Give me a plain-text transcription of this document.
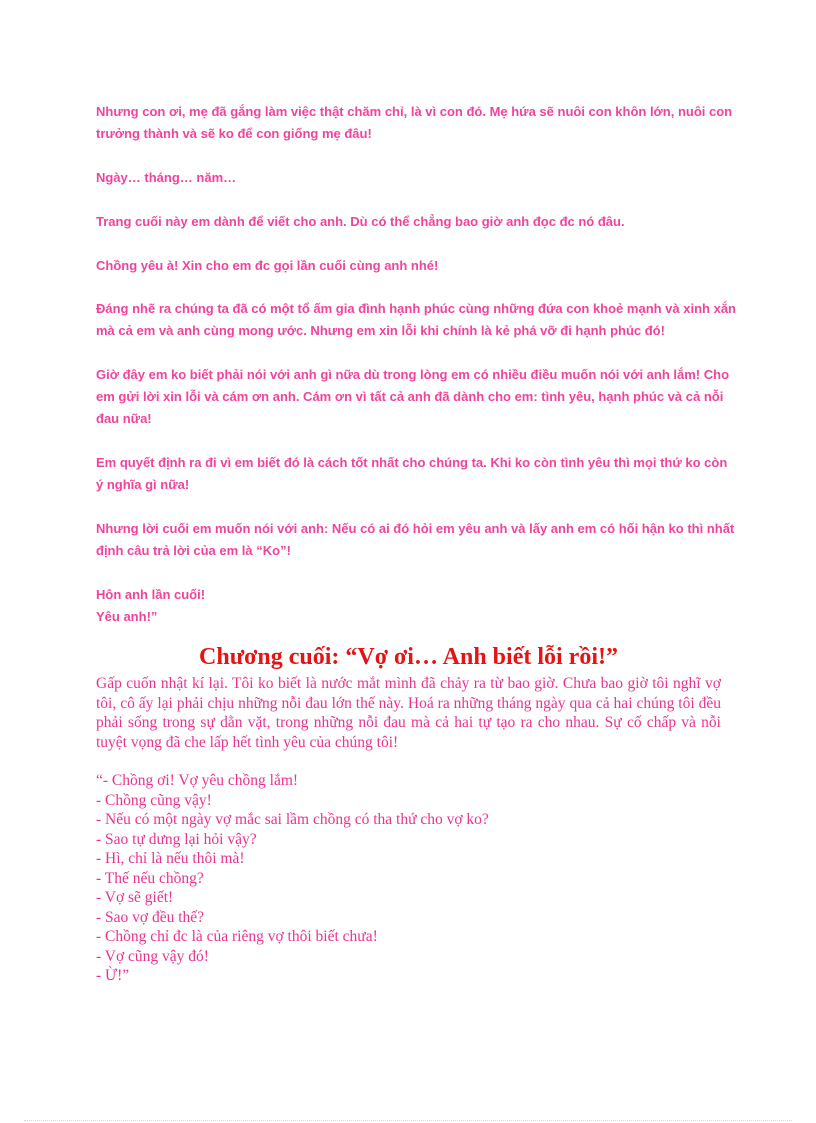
Nhưng con ơi, mẹ đã gắng làm việc thật chăm chỉ, là vì con đó. Mẹ hứa sẽ nuôi con khôn lớn, nuôi con trưởng thành và sẽ ko để con giống mẹ đâu!

Ngày… tháng… năm…

Trang cuối này em dành để viết cho anh. Dù có thể chẳng bao giờ anh đọc đc nó đâu.

Chồng yêu à! Xin cho em đc gọi lần cuối cùng anh nhé!

Đáng nhẽ ra chúng ta đã có một tổ ấm gia đình hạnh phúc cùng những đứa con khoẻ mạnh và xinh xắn mà cả em và anh cùng mong ước. Nhưng em xin lỗi khi chính là kẻ phá vỡ đi hạnh phúc đó!

Giờ đây em ko biết phải nói với anh gì nữa dù trong lòng em có nhiều điều muốn nói với anh lắm! Cho em gửi lời xin lỗi và cám ơn anh. Cám ơn vì tất cả anh đã dành cho em: tình yêu, hạnh phúc và cả nỗi đau nữa!

Em quyết định ra đi vì em biết đó là cách tốt nhất cho chúng ta. Khi ko còn tình yêu thì mọi thứ ko còn ý nghĩa gì nữa!

Nhưng lời cuối em muốn nói với anh: Nếu có ai đó hỏi em yêu anh và lấy anh em có hối hận ko thì nhất định câu trả lời của em là “Ko”!

Hôn anh lần cuối!

Yêu anh!”

Chương cuối: “Vợ ơi… Anh biết lỗi rồi!”

Gấp cuốn nhật kí lại. Tôi ko biết là nước mắt mình đã chảy ra từ bao giờ. Chưa bao giờ tôi nghĩ vợ tôi, cô ấy lại phải chịu những nỗi đau lớn thế này. Hoá ra những tháng ngày qua cả hai chúng tôi đều phải sống trong sự dằn vặt, trong những nỗi đau mà cả hai tự tạo ra cho nhau. Sự cố chấp và nỗi tuyệt vọng đã che lấp hết tình yêu của chúng tôi!

“- Chồng ơi! Vợ yêu chồng lắm!
- Chồng cũng vậy!
- Nếu có một ngày vợ mắc sai lầm chồng có tha thứ cho vợ ko?
- Sao tự dưng lại hỏi vậy?
- Hì, chỉ là nếu thôi mà!
- Thế nếu chồng?
- Vợ sẽ giết!
- Sao vợ đều thế?
- Chồng chỉ đc là của riêng vợ thôi biết chưa!
- Vợ cũng vậy đó!
- Ừ!”
